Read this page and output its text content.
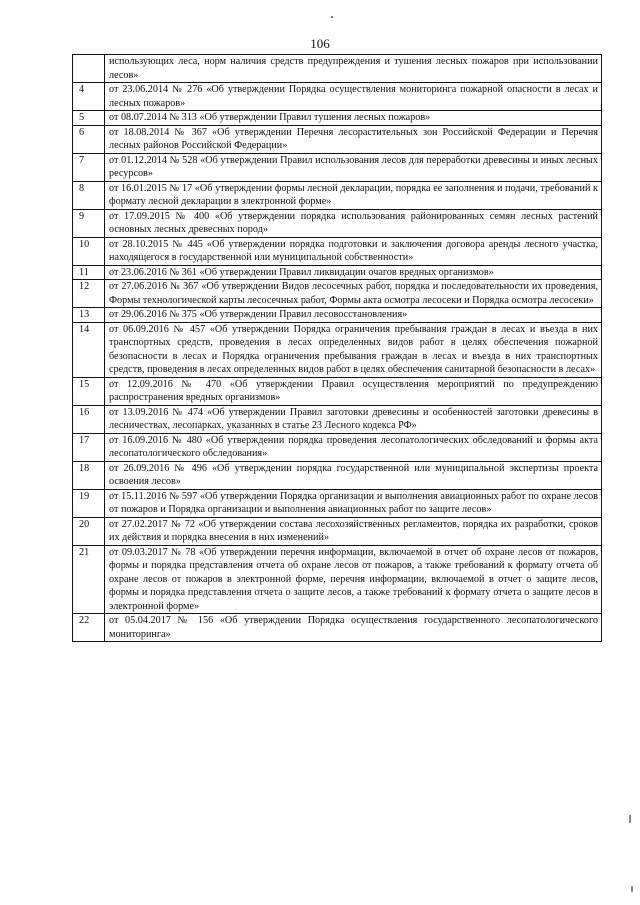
106
	использующих леса, норм наличия средств предупреждения и тушения лесных пожаров при использовании лесов»
4	от 23.06.2014 № 276 «Об утверждении Порядка осуществления мониторинга пожарной опасности в лесах и лесных пожаров»
5	от 08.07.2014 № 313 «Об утверждении Правил тушения лесных пожаров»
6	от 18.08.2014 № 367 «Об утверждении Перечня лесорастительных зон Российской Федерации и Перечня лесных районов Российской Федерации»
7	от 01.12.2014 № 528 «Об утверждении Правил использования лесов для переработки древесины и иных лесных ресурсов»
8	от 16.01.2015 № 17 «Об утверждении формы лесной декларации, порядка ее заполнения и подачи, требований к формату лесной декларации в электронной форме»
9	от 17.09.2015 № 400 «Об утверждении порядка использования районированных семян лесных растений основных лесных древесных пород»
10	от 28.10.2015 № 445 «Об утверждении порядка подготовки и заключения договора аренды лесного участка, находящегося в государственной или муниципальной собственности»
11	от 23.06.2016 № 361 «Об утверждении Правил ликвидации очагов вредных организмов»
12	от 27.06.2016 № 367 «Об утверждении Видов лесосечных работ, порядка и последовательности их проведения, Формы технологической карты лесосечных работ, Формы акта осмотра лесосеки и Порядка осмотра лесосеки»
13	от 29.06.2016 № 375 «Об утверждении Правил лесовосстановления»
14	от 06.09.2016 № 457 «Об утверждении Порядка ограничения пребывания граждан в лесах и въезда в них транспортных средств, проведения в лесах определенных видов работ в целях обеспечения пожарной безопасности в лесах и Порядка ограничения пребывания граждан в лесах и въезда в них транспортных средств, проведения в лесах определенных видов работ в целях обеспечения санитарной безопасности в лесах»
15	от 12.09.2016 № 470 «Об утверждении Правил осуществления мероприятий по предупреждению распространения вредных организмов»
16	от 13.09.2016 № 474 «Об утверждении Правил заготовки древесины и особенностей заготовки древесины в лесничествах, лесопарках, указанных в статье 23 Лесного кодекса РФ»
17	от 16.09.2016 № 480 «Об утверждении порядка проведения лесопатологических обследований и формы акта лесопатологического обследования»
18	от 26.09.2016 № 496 «Об утверждении порядка государственной или муниципальной экспертизы проекта освоения лесов»
19	от 15.11.2016 № 597 «Об утверждении Порядка организации и выполнения авиационных работ по охране лесов от пожаров и Порядка организации и выполнения авиационных работ по защите лесов»
20	от 27.02.2017 № 72 «Об утверждении состава лесохозяйственных регламентов, порядка их разработки, сроков их действия и порядка внесения в них изменений»
21	от 09.03.2017 № 78 «Об утверждении перечня информации, включаемой в отчет об охране лесов от пожаров, формы и порядка представления отчета об охране лесов от пожаров, а также требований к формату отчета об охране лесов от пожаров в электронной форме, перечня информации, включаемой в отчет о защите лесов, формы и порядка представления отчета о защите лесов, а также требований к формату отчета о защите лесов в электронной форме»
22	от 05.04.2017 № 156 «Об утверждении Порядка осуществления государственного лесопатологического мониторинга»
